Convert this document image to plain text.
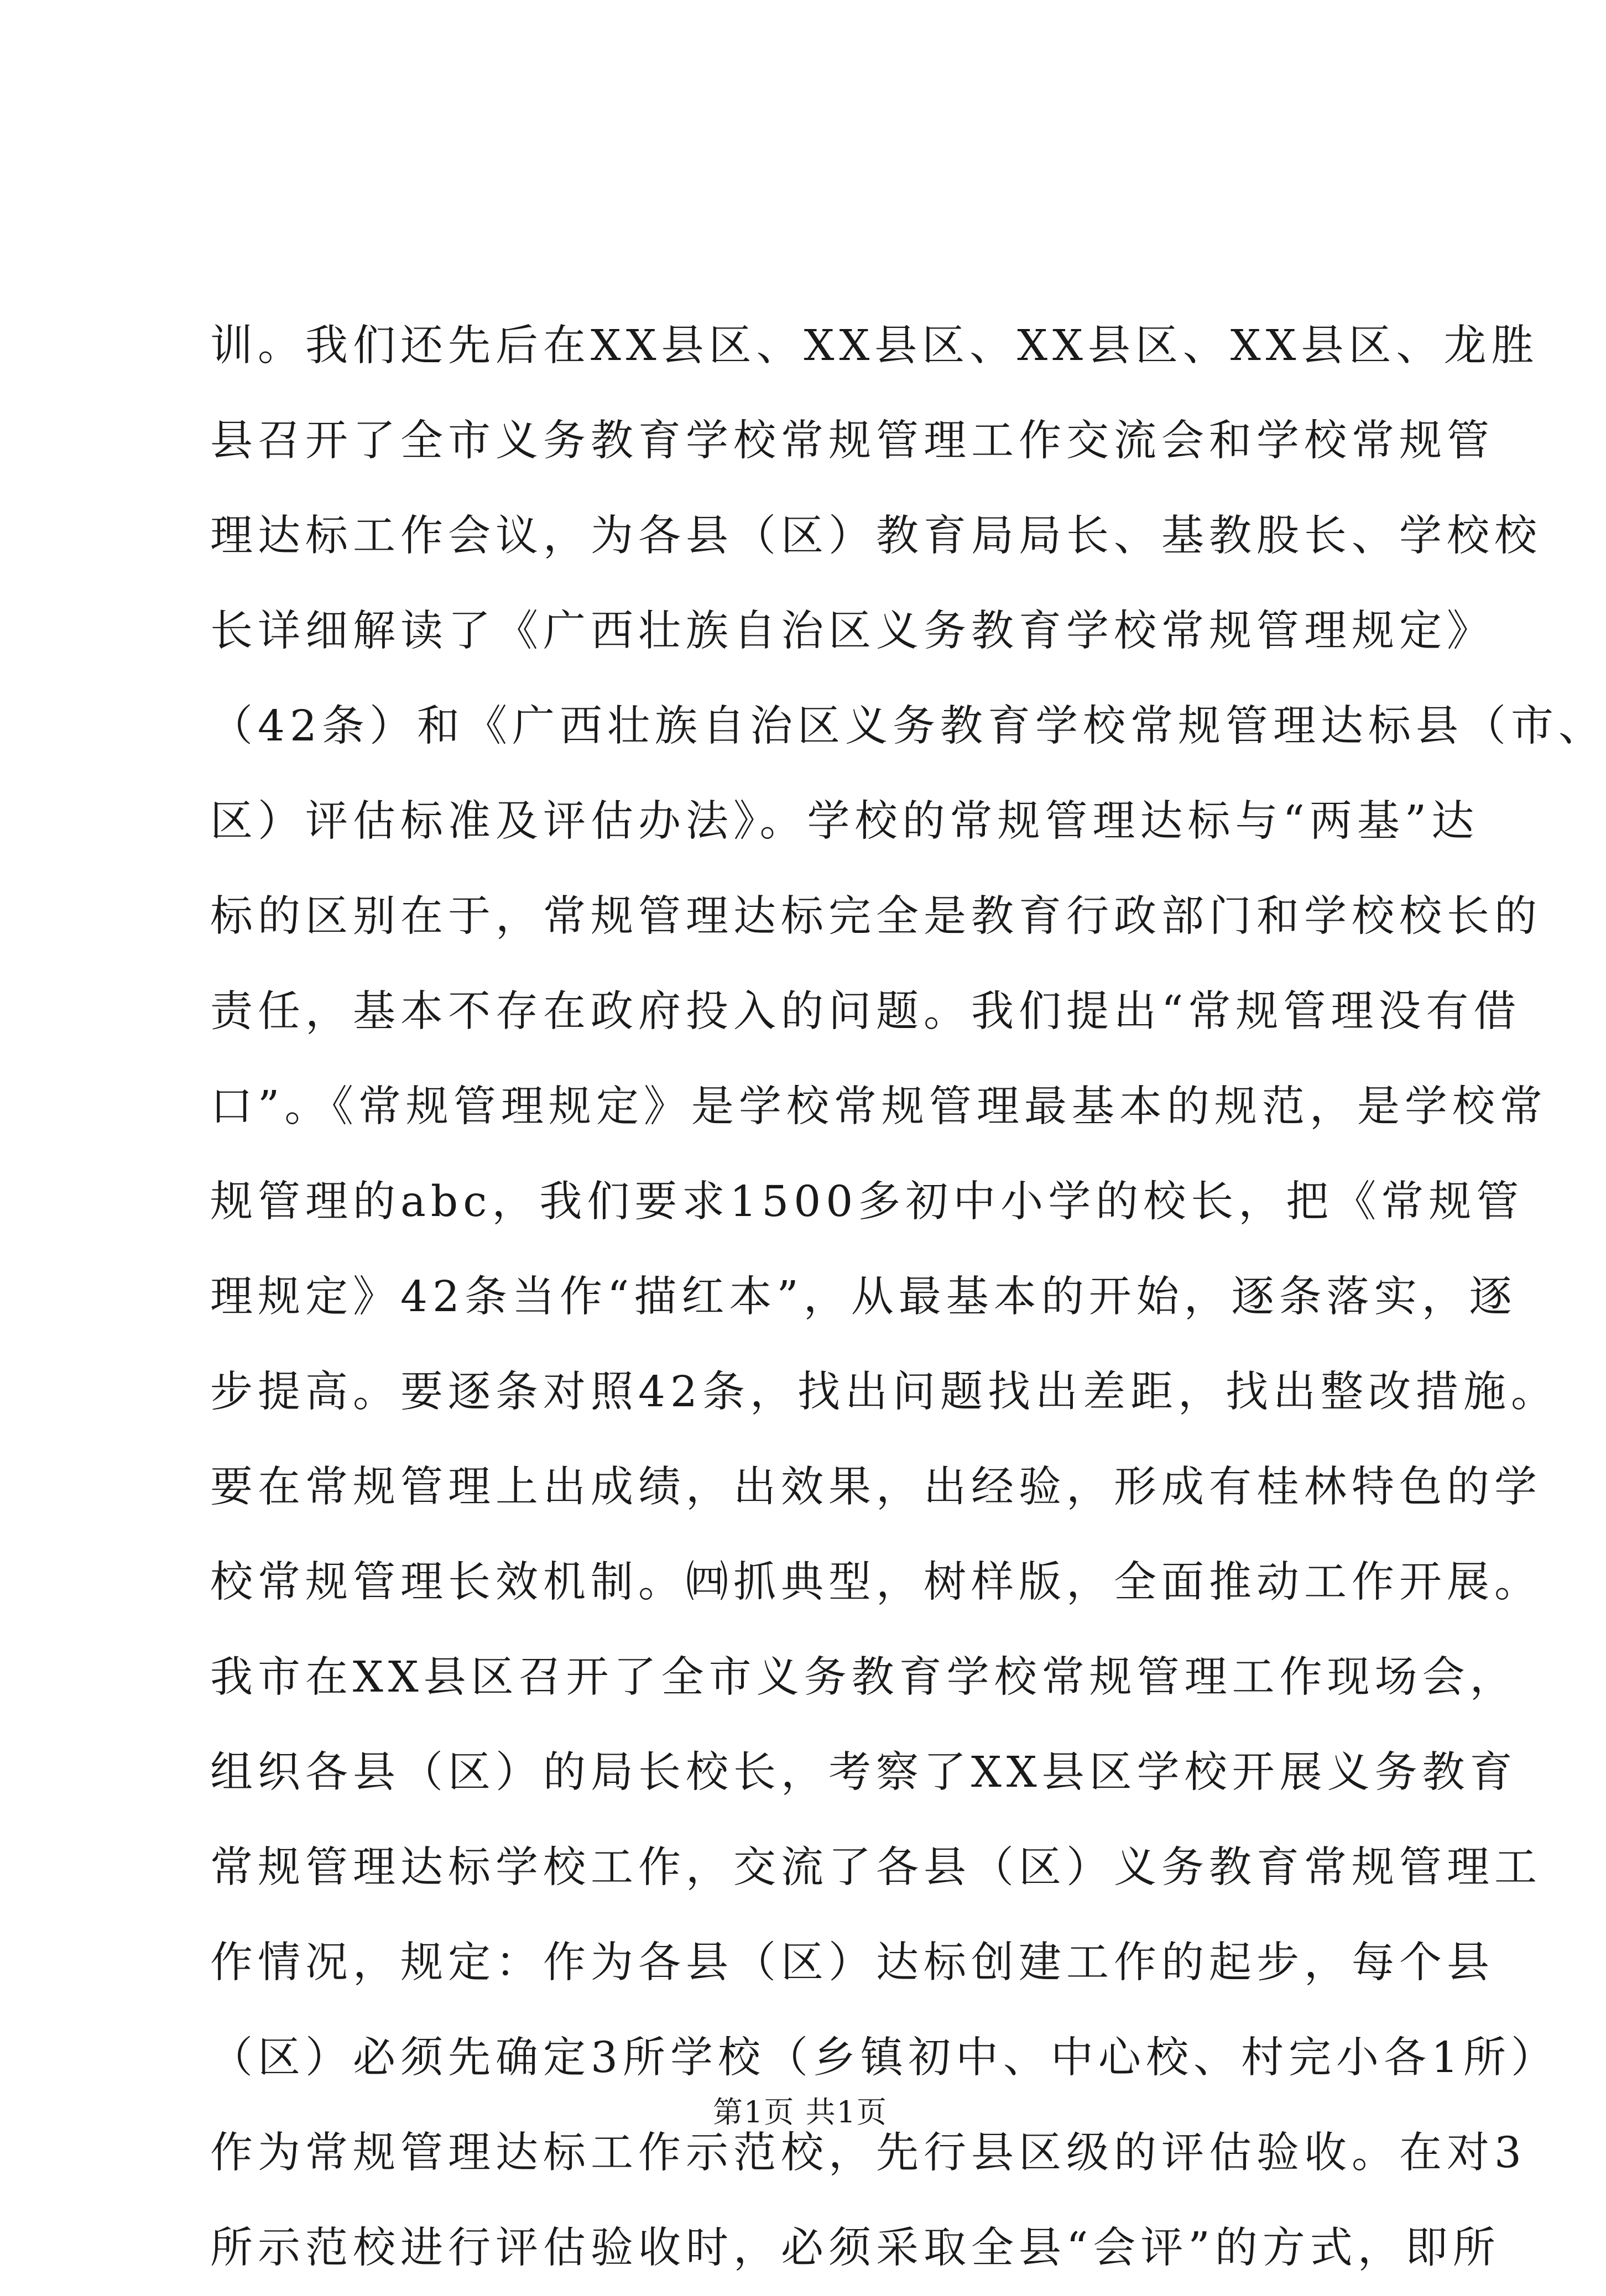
训。我们还先后在XX县区、XX县区、XX县区、XX县区、龙胜
县召开了全市义务教育学校常规管理工作交流会和学校常规管
理达标工作会议，为各县（区）教育局局长、基教股长、学校校
长详细解读了《广西壮族自治区义务教育学校常规管理规定》
（42条）和《广西壮族自治区义务教育学校常规管理达标县（市、
区）评估标准及评估办法》。学校的常规管理达标与“两基”达
标的区别在于，常规管理达标完全是教育行政部门和学校校长的
责任，基本不存在政府投入的问题。我们提出“常规管理没有借
口”。《常规管理规定》是学校常规管理最基本的规范，是学校常
规管理的abc，我们要求1500多初中小学的校长，把《常规管
理规定》42条当作“描红本”，从最基本的开始，逐条落实，逐
步提高。要逐条对照42条，找出问题找出差距，找出整改措施。
要在常规管理上出成绩，出效果，出经验，形成有桂林特色的学
校常规管理长效机制。㈣抓典型，树样版，全面推动工作开展。
我市在XX县区召开了全市义务教育学校常规管理工作现场会，
组织各县（区）的局长校长，考察了XX县区学校开展义务教育
常规管理达标学校工作，交流了各县（区）义务教育常规管理工
作情况，规定：作为各县（区）达标创建工作的起步，每个县
（区）必须先确定3所学校（乡镇初中、中心校、村完小各1所）
作为常规管理达标工作示范校，先行县区级的评估验收。在对3
所示范校进行评估验收时，必须采取全县“会评”的方式，即所
第1页 共1页
